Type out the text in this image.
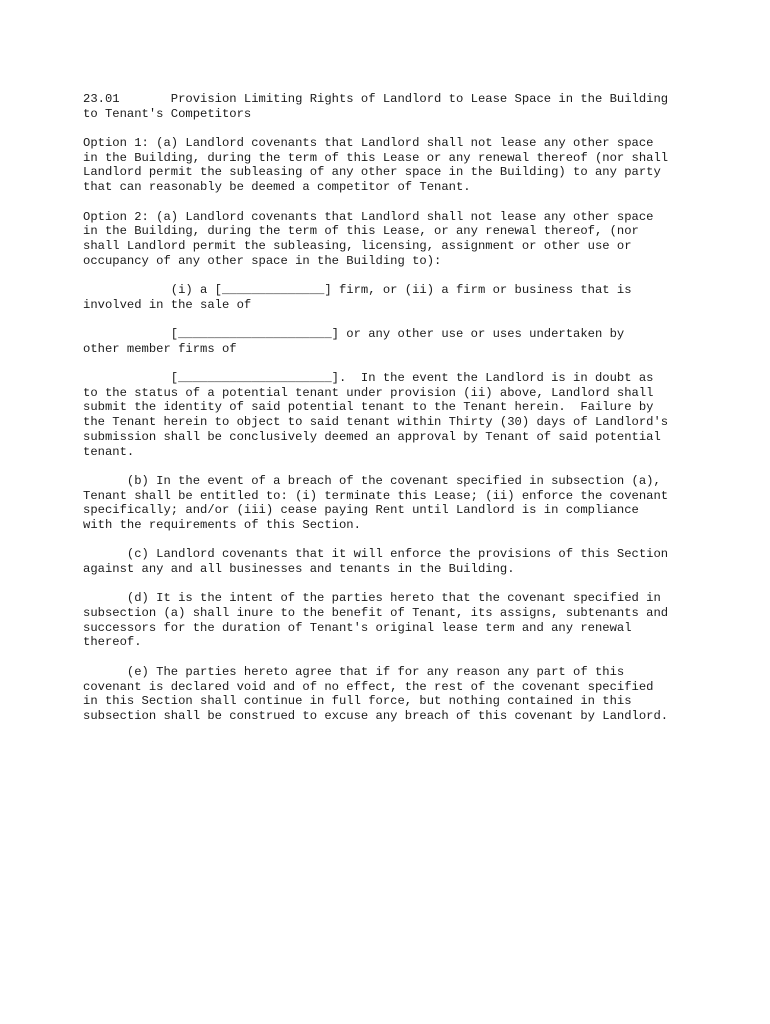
23.01       Provision Limiting Rights of Landlord to Lease Space in the Building
to Tenant's Competitors
Option 1: (a) Landlord covenants that Landlord shall not lease any other space
in the Building, during the term of this Lease or any renewal thereof (nor shall
Landlord permit the subleasing of any other space in the Building) to any party
that can reasonably be deemed a competitor of Tenant.
Option 2: (a) Landlord covenants that Landlord shall not lease any other space
in the Building, during the term of this Lease, or any renewal thereof, (nor
shall Landlord permit the subleasing, licensing, assignment or other use or
occupancy of any other space in the Building to):
(i) a [______________] firm, or (ii) a firm or business that is
involved in the sale of
[_____________________] or any other use or uses undertaken by
other member firms of
[_____________________].  In the event the Landlord is in doubt as
to the status of a potential tenant under provision (ii) above, Landlord shall
submit the identity of said potential tenant to the Tenant herein.  Failure by
the Tenant herein to object to said tenant within Thirty (30) days of Landlord's
submission shall be conclusively deemed an approval by Tenant of said potential
tenant.
(b) In the event of a breach of the covenant specified in subsection (a),
Tenant shall be entitled to: (i) terminate this Lease; (ii) enforce the covenant
specifically; and/or (iii) cease paying Rent until Landlord is in compliance
with the requirements of this Section.
(c) Landlord covenants that it will enforce the provisions of this Section
against any and all businesses and tenants in the Building.
(d) It is the intent of the parties hereto that the covenant specified in
subsection (a) shall inure to the benefit of Tenant, its assigns, subtenants and
successors for the duration of Tenant's original lease term and any renewal
thereof.
(e) The parties hereto agree that if for any reason any part of this
covenant is declared void and of no effect, the rest of the covenant specified
in this Section shall continue in full force, but nothing contained in this
subsection shall be construed to excuse any breach of this covenant by Landlord.
